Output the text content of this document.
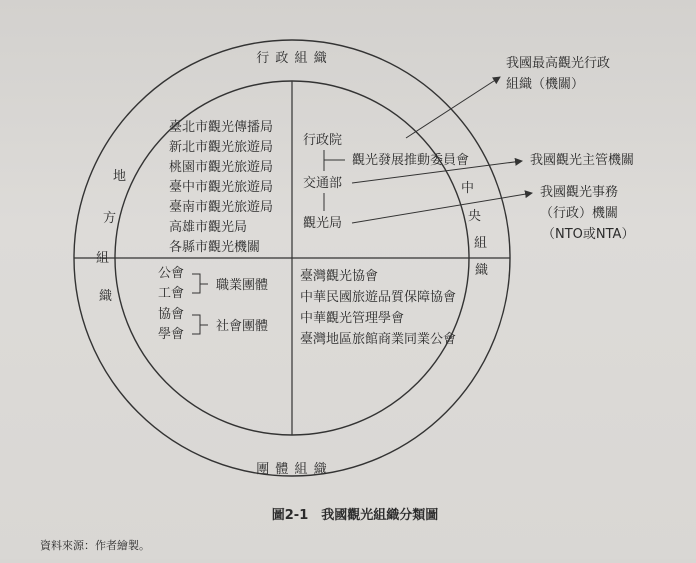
行 政 組 織
團 體 組 織
地
方
組
織
中
央
組
織
臺北市觀光傳播局
新北市觀光旅遊局
桃園市觀光旅遊局
臺中市觀光旅遊局
臺南市觀光旅遊局
高雄市觀光局
各縣市觀光機關
行政院
觀光發展推動委員會
交通部
觀光局
公會
工會
職業團體
協會
學會
社會團體
臺灣觀光協會
中華民國旅遊品質保障協會
中華觀光管理學會
臺灣地區旅館商業同業公會
我國最高觀光行政
組織（機關）
我國觀光主管機關
我國觀光事務
（行政）機關
（NTO或NTA）
圖2-1　我國觀光組織分類圖
資料來源：作者繪製。
